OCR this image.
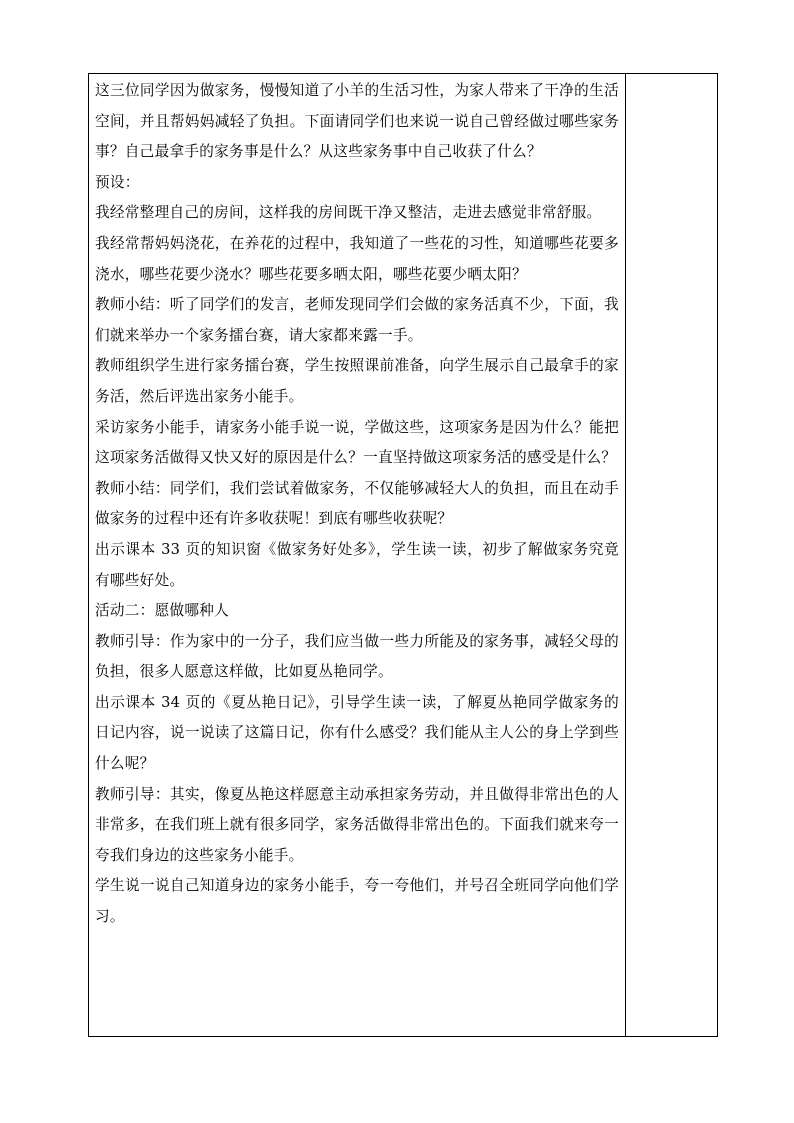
这三位同学因为做家务，慢慢知道了小羊的生活习性，为家人带来了干净的生活空间，并且帮妈妈减轻了负担。下面请同学们也来说一说自己曾经做过哪些家务事？自己最拿手的家务事是什么？从这些家务事中自己收获了什么？

预设：

我经常整理自己的房间，这样我的房间既干净又整洁，走进去感觉非常舒服。

我经常帮妈妈浇花，在养花的过程中，我知道了一些花的习性，知道哪些花要多浇水，哪些花要少浇水？哪些花要多晒太阳，哪些花要少晒太阳？

教师小结：听了同学们的发言，老师发现同学们会做的家务活真不少，下面，我们就来举办一个家务擂台赛，请大家都来露一手。

教师组织学生进行家务擂台赛，学生按照课前准备，向学生展示自己最拿手的家务活，然后评选出家务小能手。

采访家务小能手，请家务小能手说一说，学做这些，这项家务是因为什么？能把这项家务活做得又快又好的原因是什么？一直坚持做这项家务活的感受是什么？

教师小结：同学们，我们尝试着做家务，不仅能够减轻大人的负担，而且在动手做家务的过程中还有许多收获呢！到底有哪些收获呢？

出示课本 33 页的知识窗《做家务好处多》，学生读一读，初步了解做家务究竟有哪些好处。

活动二：愿做哪种人

教师引导：作为家中的一分子，我们应当做一些力所能及的家务事，减轻父母的负担，很多人愿意这样做，比如夏丛艳同学。

出示课本 34 页的《夏丛艳日记》，引导学生读一读，了解夏丛艳同学做家务的日记内容，说一说读了这篇日记，你有什么感受？我们能从主人公的身上学到些什么呢？

教师引导：其实，像夏丛艳这样愿意主动承担家务劳动，并且做得非常出色的人非常多，在我们班上就有很多同学，家务活做得非常出色的。下面我们就来夸一夸我们身边的这些家务小能手。

学生说一说自己知道身边的家务小能手，夸一夸他们，并号召全班同学向他们学习。
